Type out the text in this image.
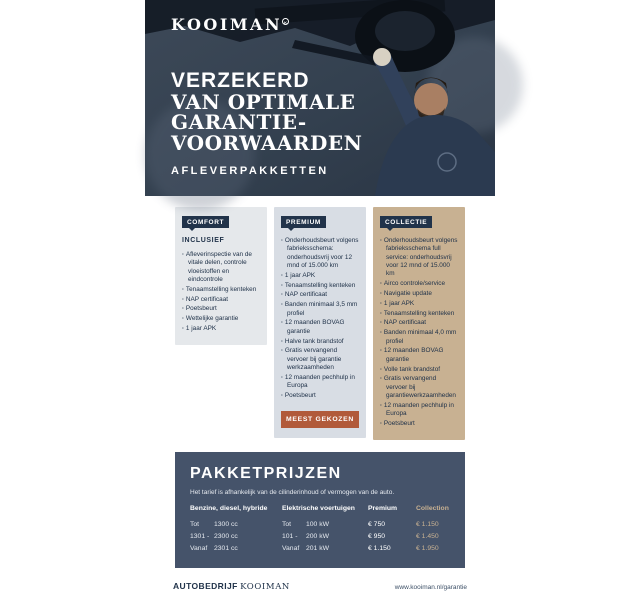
KOOIMAN K
VERZEKERD
VAN OPTIMALE
GARANTIE-
VOORWAARDEN
AFLEVERPAKKETTEN
COMFORT
INCLUSIEF
· Afleverinspectie van de vitale delen, controle vloeistoffen en eindcontrole
· Tenaamstelling kenteken
· NAP certificaat
· Poetsbeurt
· Wettelijke garantie
· 1 jaar APK
PREMIUM
· Onderhoudsbeurt volgens fabrieksschema: onderhoudsvrij voor 12 mnd of 15.000 km
· 1 jaar APK
· Tenaamstelling kenteken
· NAP certificaat
· Banden minimaal 3,5 mm profiel
· 12 maanden BOVAG garantie
· Halve tank brandstof
· Gratis vervangend vervoer bij garantie werkzaamheden
· 12 maanden pechhulp in Europa
· Poetsbeurt
MEEST GEKOZEN
COLLECTIE
· Onderhoudsbeurt volgens fabrieksschema full service: onderhoudsvrij voor 12 mnd of 15.000 km
· Airco controle/service
· Navigatie update
· 1 jaar APK
· Tenaamstelling kenteken
· NAP certificaat
· Banden minimaal 4,0 mm profiel
· 12 maanden BOVAG garantie
· Volle tank brandstof
· Gratis vervangend vervoer bij garantiewerkzaamheden
· 12 maanden pechhulp in Europa
· Poetsbeurt
PAKKETPRIJZEN
Het tarief is afhankelijk van de cilinderinhoud of vermogen van de auto.
Benzine, diesel, hybride	Elektrische voertuigen	Premium	Collection
Tot 1300 cc	Tot 100 kW	€ 750	€ 1.150
1301 - 2300 cc	101 - 200 kW	€ 950	€ 1.450
Vanaf 2301 cc	Vanaf 201 kW	€ 1.150	€ 1.950
AUTOBEDRIJF KOOIMAN	www.kooiman.nl/garantie
